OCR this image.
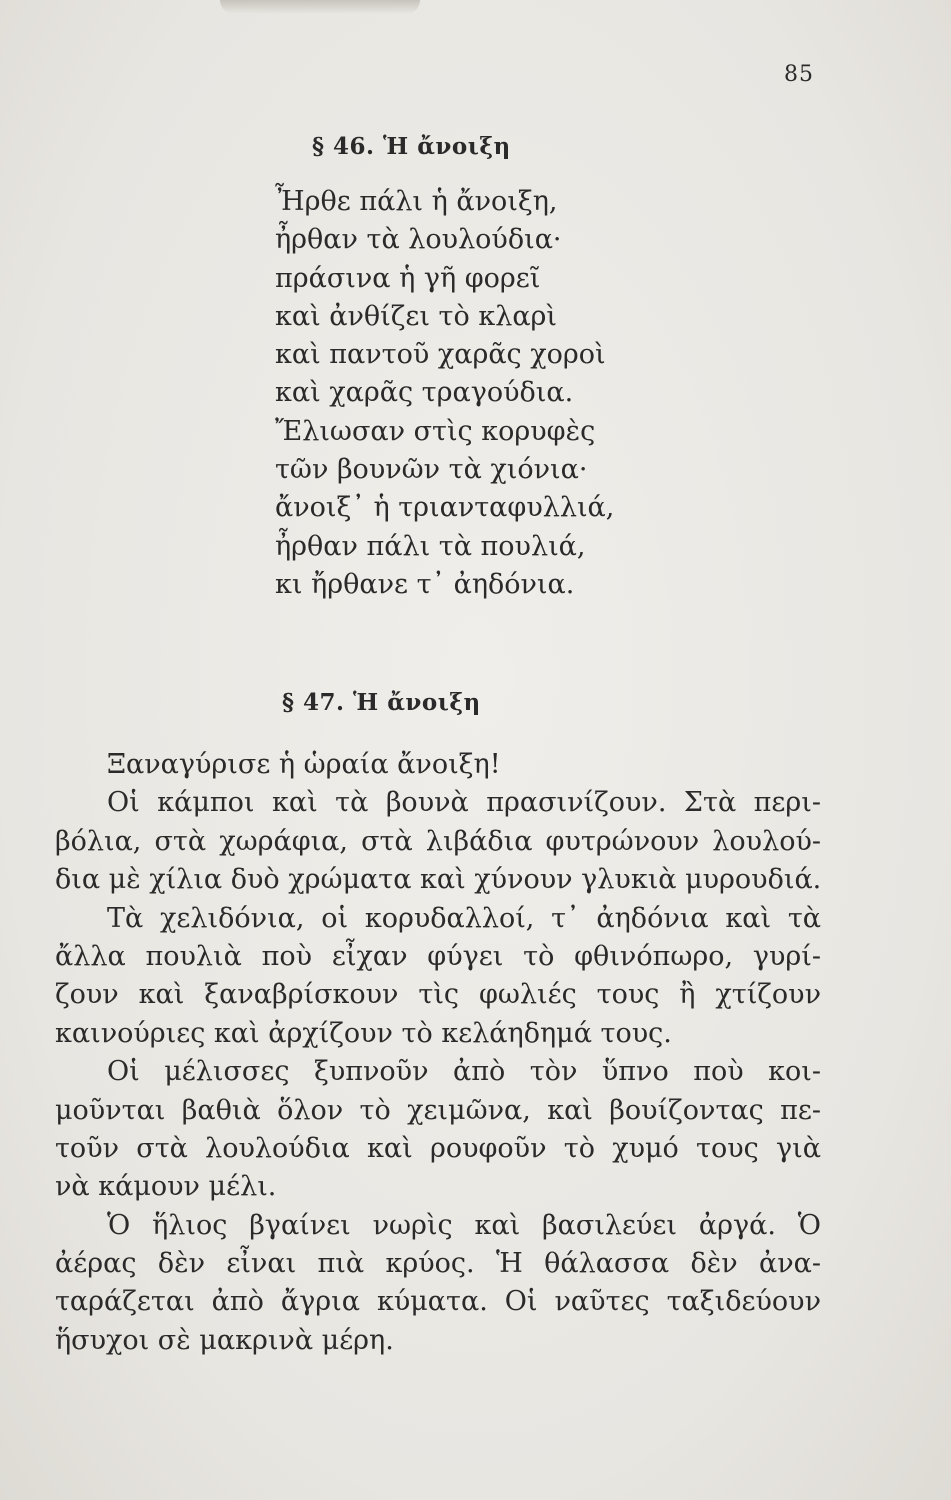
85
§ 46. Ἡ ἄνοιξη
Ἦρθε πάλι ἡ ἄνοιξη,
ἦρθαν τὰ λουλούδια·
πράσινα ἡ γῆ φορεῖ
καὶ ἀνθίζει τὸ κλαρὶ
καὶ παντοῦ χαρᾶς χοροὶ
καὶ χαρᾶς τραγούδια.
Ἔλιωσαν στὶς κορυφὲς
τῶν βουνῶν τὰ χιόνια·
ἄνοιξ᾽ ἡ τριανταφυλλιά,
ἦρθαν πάλι τὰ πουλιά,
κι ἤρθανε τ᾽ ἀηδόνια.
§ 47. Ἡ ἄνοιξη
Ξαναγύρισε ἡ ὡραία ἄνοιξη!
Οἱ κάμποι καὶ τὰ βουνὰ πρασινίζουν. Στὰ περι-
βόλια, στὰ χωράφια, στὰ λιβάδια φυτρώνουν λουλού-
δια μὲ χίλια δυὸ χρώματα καὶ χύνουν γλυκιὰ μυρουδιά.
Τὰ χελιδόνια, οἱ κορυδαλλοί, τ᾽ ἀηδόνια καὶ τὰ
ἄλλα πουλιὰ ποὺ εἶχαν φύγει τὸ φθινόπωρο, γυρί-
ζουν καὶ ξαναβρίσκουν τὶς φωλιές τους ἢ χτίζουν
καινούριες καὶ ἀρχίζουν τὸ κελάηδημά τους.
Οἱ μέλισσες ξυπνοῦν ἀπὸ τὸν ὕπνο ποὺ κοι-
μοῦνται βαθιὰ ὅλον τὸ χειμῶνα, καὶ βουίζοντας πε-
τοῦν στὰ λουλούδια καὶ ρουφοῦν τὸ χυμό τους γιὰ
νὰ κάμουν μέλι.
Ὁ ἥλιος βγαίνει νωρὶς καὶ βασιλεύει ἀργά. Ὁ
ἀέρας δὲν εἶναι πιὰ κρύος. Ἡ θάλασσα δὲν ἀνα-
ταράζεται ἀπὸ ἄγρια κύματα. Οἱ ναῦτες ταξιδεύουν
ἥσυχοι σὲ μακρινὰ μέρη.
